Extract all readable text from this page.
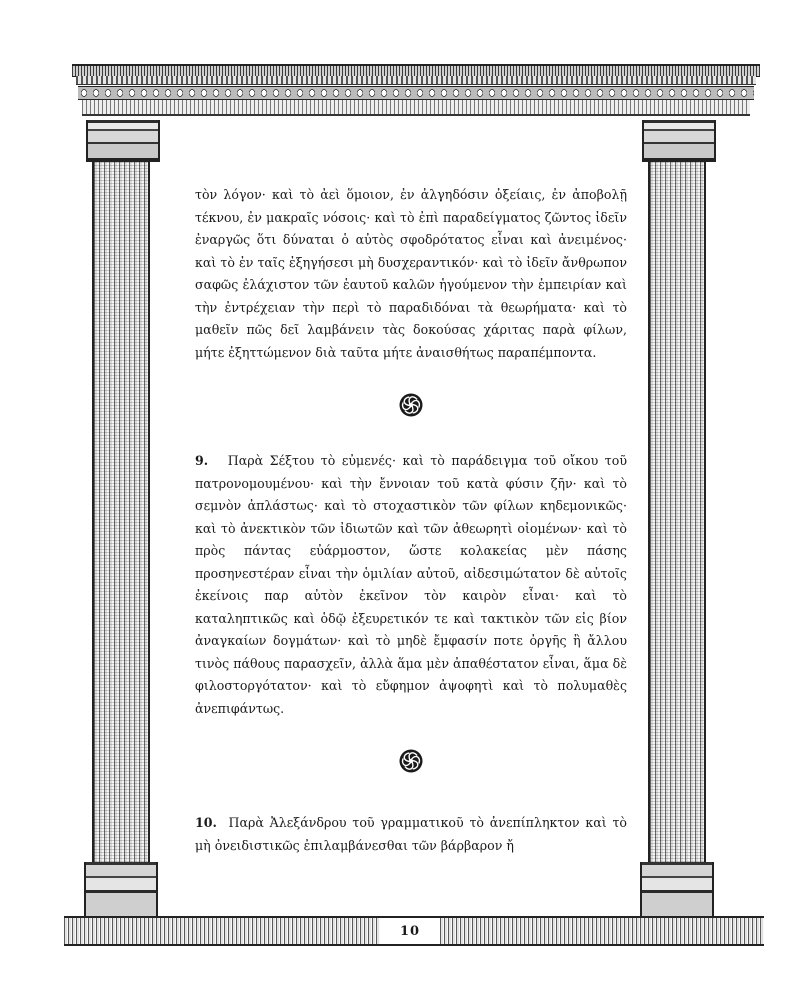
10

τὸν λόγον· καὶ τὸ ἀεὶ ὅμοιον, ἐν ἀλγηδόσιν ὀξείαις, ἐν ἀποβολῇ τέκνου, ἐν μακραῖς νόσοις· καὶ τὸ ἐπὶ παραδείγματος ζῶντος ἰδεῖν ἐναργῶς ὅτι δύναται ὁ αὐτὸς σφοδρότατος εἶναι καὶ ἀνειμένος· καὶ τὸ ἐν ταῖς ἐξηγήσεσι μὴ δυσχεραντικόν· καὶ τὸ ἰδεῖν ἄνθρωπον σαφῶς ἐλάχιστον τῶν ἑαυτοῦ καλῶν ἡγούμενον τὴν ἐμπειρίαν καὶ τὴν ἐντρέχειαν τὴν περὶ τὸ παραδιδόναι τὰ θεωρήματα· καὶ τὸ μαθεῖν πῶς δεῖ λαμβάνειν τὰς δοκούσας χάριτας παρὰ φίλων, μήτε ἐξηττώμενον διὰ ταῦτα μήτε ἀναισθήτως παραπέμποντα.

9. Παρὰ Σέξτου τὸ εὐμενές· καὶ τὸ παράδειγμα τοῦ οἴκου τοῦ πατρονομουμένου· καὶ τὴν ἔννοιαν τοῦ κατὰ φύσιν ζῆν· καὶ τὸ σεμνὸν ἀπλάστως· καὶ τὸ στοχαστικὸν τῶν φίλων κηδεμονικῶς· καὶ τὸ ἀνεκτικὸν τῶν ἰδιωτῶν καὶ τῶν ἀθεωρητὶ οἰομένων· καὶ τὸ πρὸς πάντας εὐάρμοστον, ὥστε κολακείας μὲν πάσης προσηνεστέραν εἶναι τὴν ὁμιλίαν αὐτοῦ, αἰδεσιμώτατον δὲ αὐτοῖς ἐκείνοις παρ αὐτὸν ἐκεῖνον τὸν καιρὸν εἶναι· καὶ τὸ καταληπτικῶς καὶ ὁδῷ ἐξευρετικόν τε καὶ τακτικὸν τῶν εἰς βίον ἀναγκαίων δογμάτων· καὶ τὸ μηδὲ ἔμφασίν ποτε ὀργῆς ἢ ἄλλου τινὸς πάθους παρασχεῖν, ἀλλὰ ἅμα μὲν ἀπαθέστατον εἶναι, ἅμα δὲ φιλοστοργότατον· καὶ τὸ εὔφημον ἀψοφητὶ καὶ τὸ πολυμαθὲς ἀνεπιφάντως.

10. Παρὰ Ἀλεξάνδρου τοῦ γραμματικοῦ τὸ ἀνεπίπληκτον καὶ τὸ μὴ ὀνειδιστικῶς ἐπιλαμβάνεσθαι τῶν βάρβαρον ἤ
